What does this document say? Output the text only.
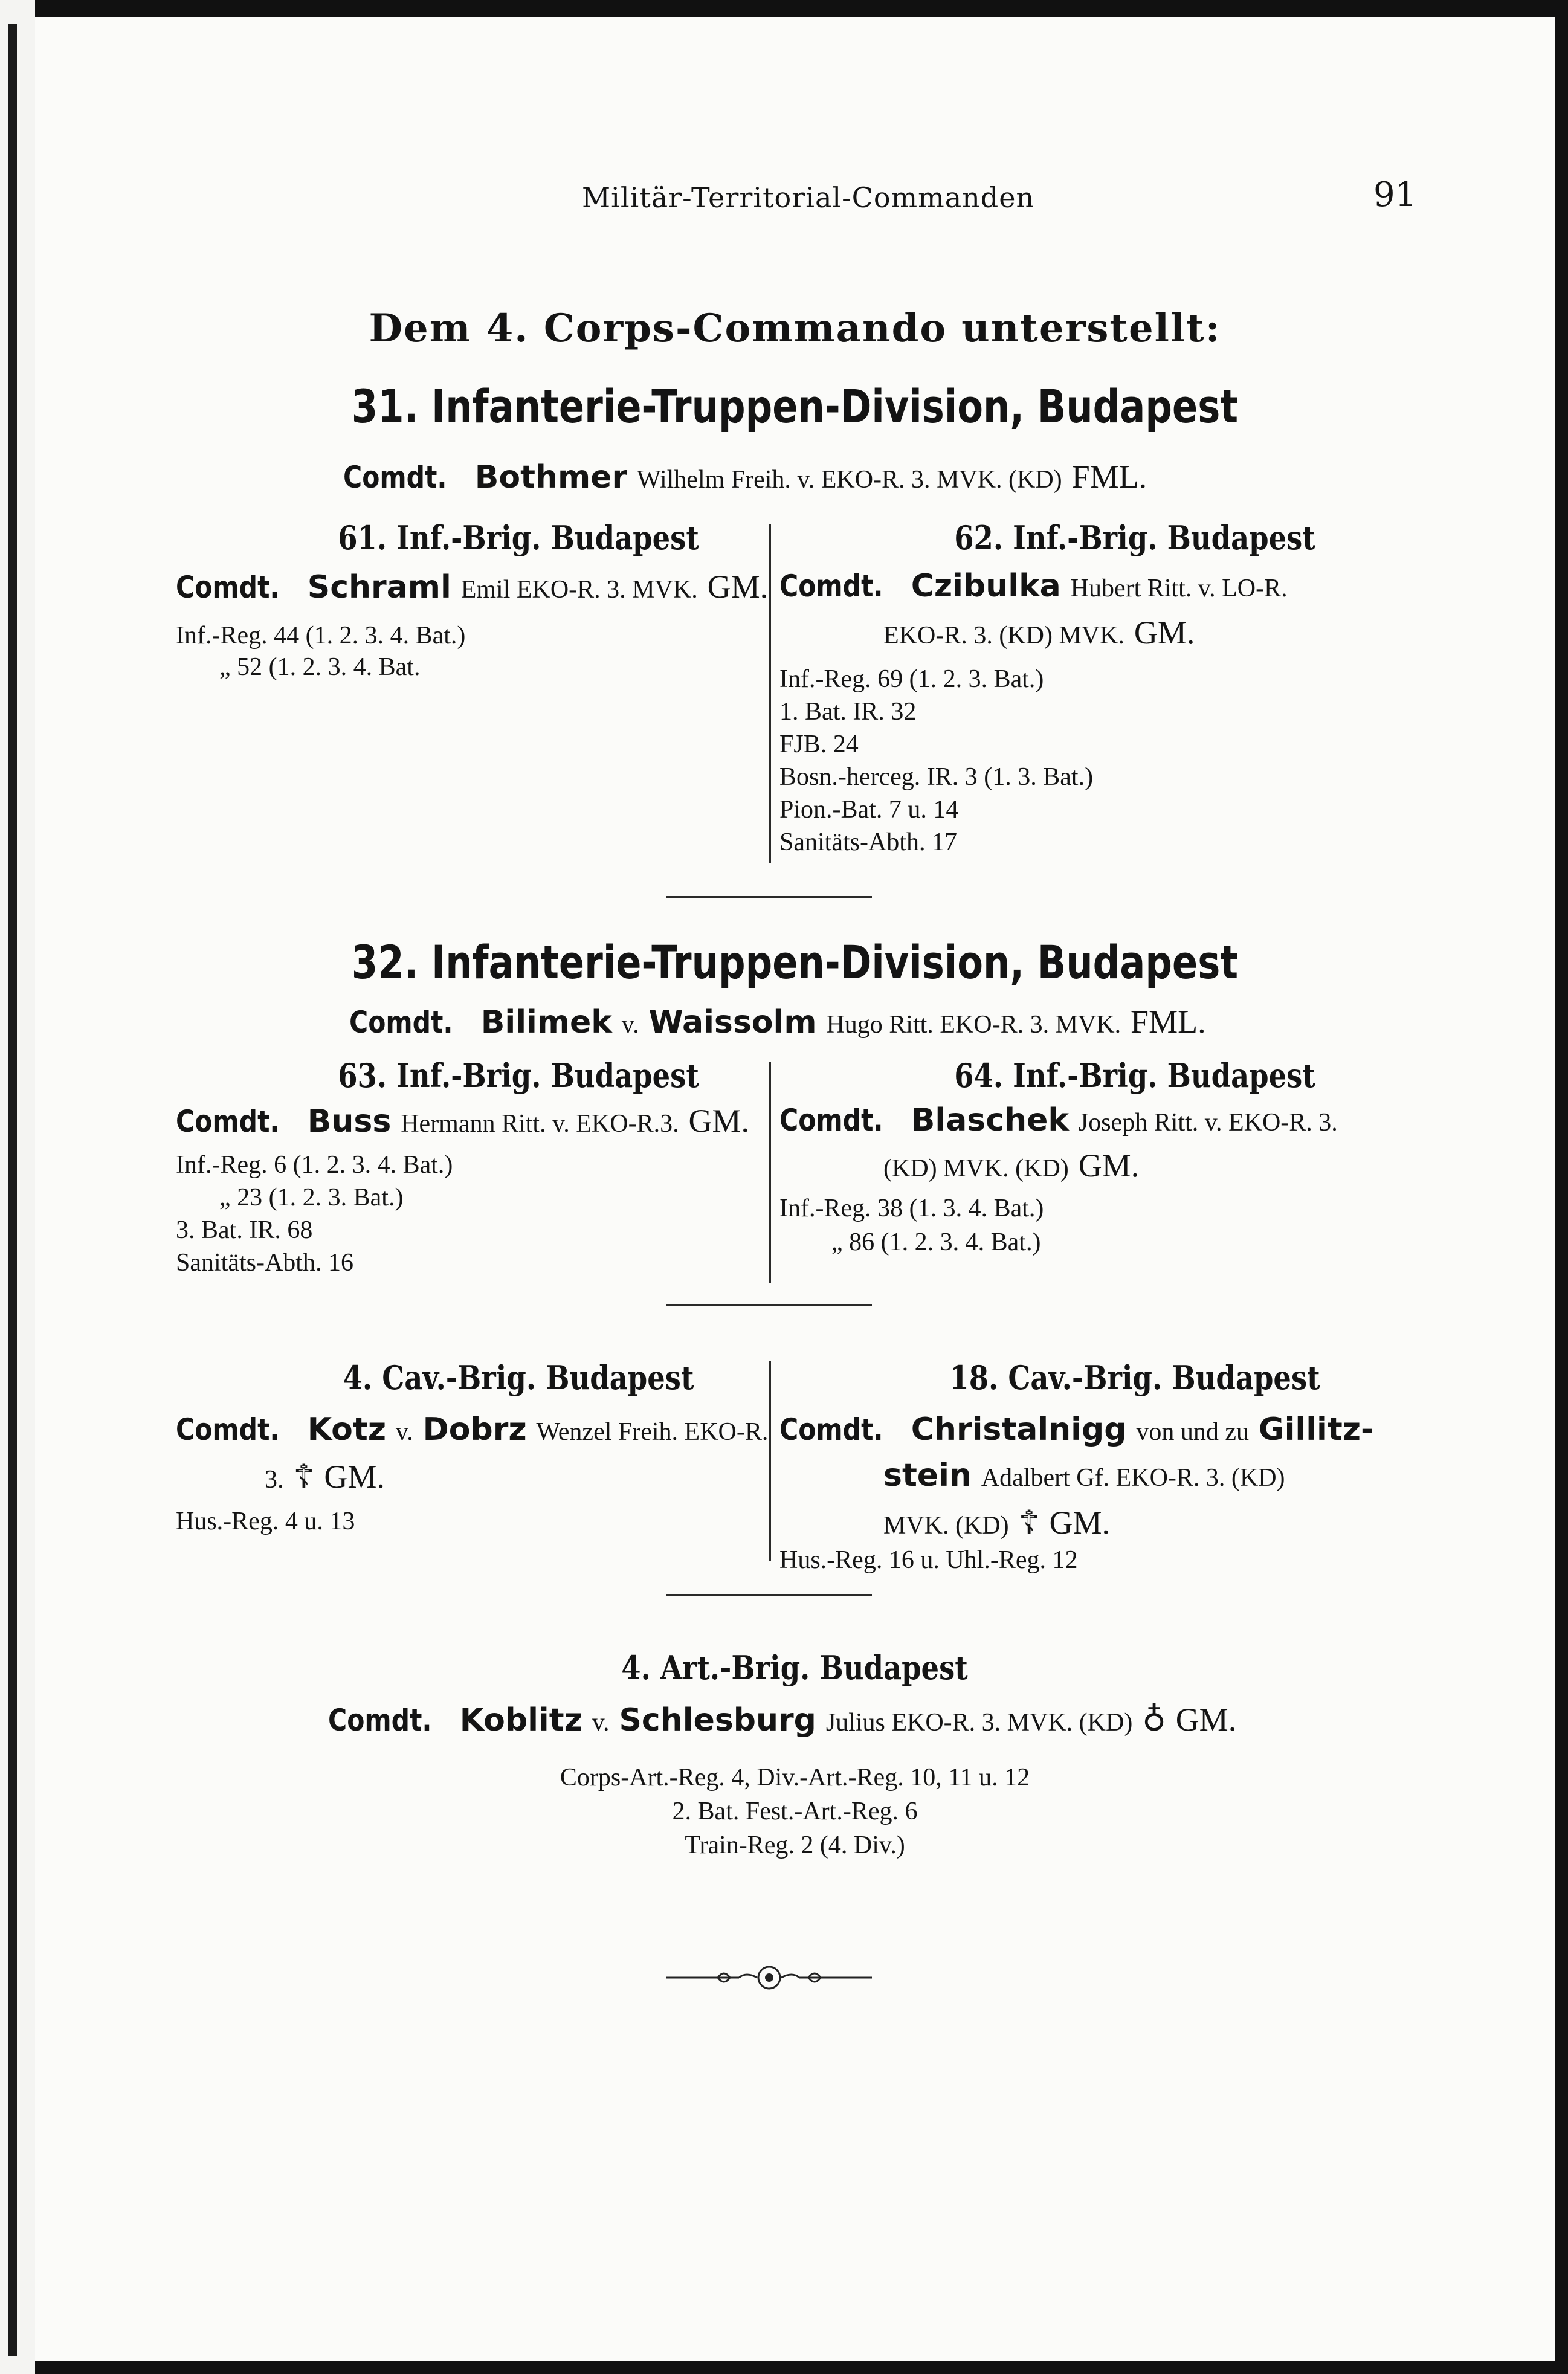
Militär-Territorial-Commanden	91
Dem 4. Corps-Commando unterstellt:
31. Infanterie-Truppen-Division, Budapest
Comdt. Bothmer Wilhelm Freih. v. EKO-R. 3. MVK. (KD) FML.
61. Inf.-Brig. Budapest
Comdt. Schraml Emil EKO-R. 3. MVK. GM.
Inf.-Reg. 44 (1. 2. 3. 4. Bat.)
„ 52 (1. 2. 3. 4. Bat.
62. Inf.-Brig. Budapest
Comdt. Czibulka Hubert Ritt. v. LO-R.
EKO-R. 3. (KD) MVK. GM.
Inf.-Reg. 69 (1. 2. 3. Bat.)
1. Bat. IR. 32
FJB. 24
Bosn.-herceg. IR. 3 (1. 3. Bat.)
Pion.-Bat. 7 u. 14
Sanitäts-Abth. 17
32. Infanterie-Truppen-Division, Budapest
Comdt. Bilimek v. Waissolm Hugo Ritt. EKO-R. 3. MVK. FML.
63. Inf.-Brig. Budapest
Comdt. Buss Hermann Ritt. v. EKO-R.3. GM.
Inf.-Reg. 6 (1. 2. 3. 4. Bat.)
„ 23 (1. 2. 3. Bat.)
3. Bat. IR. 68
Sanitäts-Abth. 16
64. Inf.-Brig. Budapest
Comdt. Blaschek Joseph Ritt. v. EKO-R. 3.
(KD) MVK. (KD) GM.
Inf.-Reg. 38 (1. 3. 4. Bat.)
„ 86 (1. 2. 3. 4. Bat.)
4. Cav.-Brig. Budapest
Comdt. Kotz v. Dobrz Wenzel Freih. EKO-R.
3. ☦ GM.
Hus.-Reg. 4 u. 13
18. Cav.-Brig. Budapest
Comdt. Christalnigg von und zu Gillitz-
stein Adalbert Gf. EKO-R. 3. (KD)
MVK. (KD) ☦ GM.
Hus.-Reg. 16 u. Uhl.-Reg. 12
4. Art.-Brig. Budapest
Comdt. Koblitz v. Schlesburg Julius EKO-R. 3. MVK. (KD) ♁ GM.
Corps-Art.-Reg. 4, Div.-Art.-Reg. 10, 11 u. 12
2. Bat. Fest.-Art.-Reg. 6
Train-Reg. 2 (4. Div.)
